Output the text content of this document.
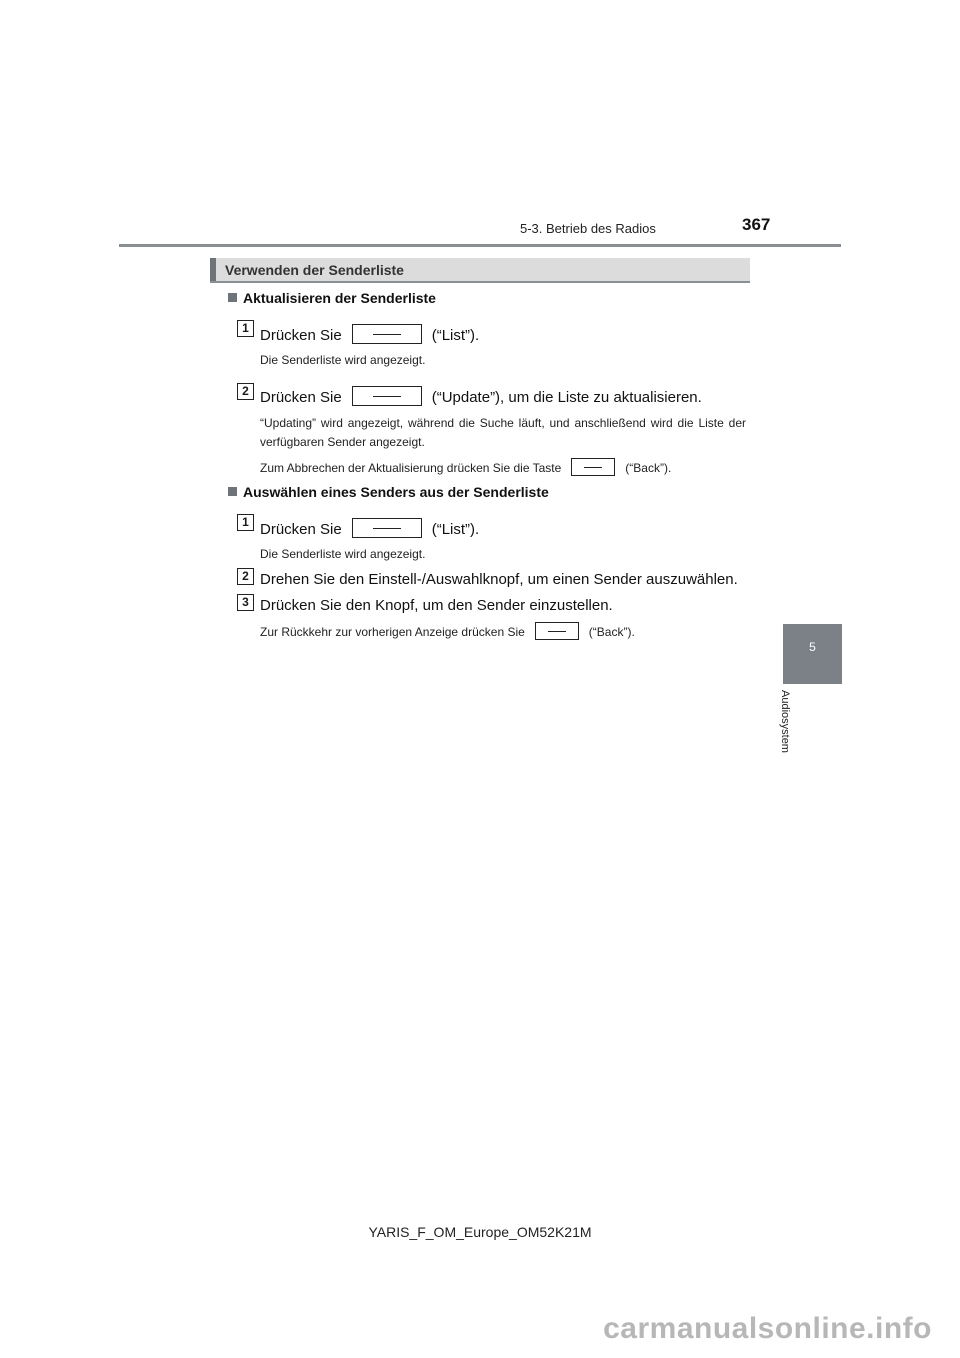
5-3. Betrieb des Radios	367
5
Audiosystem
Verwenden der Senderliste
Aktualisieren der Senderliste
1 Drücken Sie	(“List”).
Die Senderliste wird angezeigt.
2 Drücken Sie	(“Update”), um die Liste zu aktualisieren.
“Updating” wird angezeigt, während die Suche läuft, und anschließend wird die Liste der verfügbaren Sender angezeigt.
Zum Abbrechen der Aktualisierung drücken Sie die Taste	(“Back”).
Auswählen eines Senders aus der Senderliste
1 Drücken Sie	(“List”).
Die Senderliste wird angezeigt.
2 Drehen Sie den Einstell-/Auswahlknopf, um einen Sender auszuwählen.
3 Drücken Sie den Knopf, um den Sender einzustellen.
Zur Rückkehr zur vorherigen Anzeige drücken Sie	(“Back”).
YARIS_F_OM_Europe_OM52K21M
carmanualsonline.info
